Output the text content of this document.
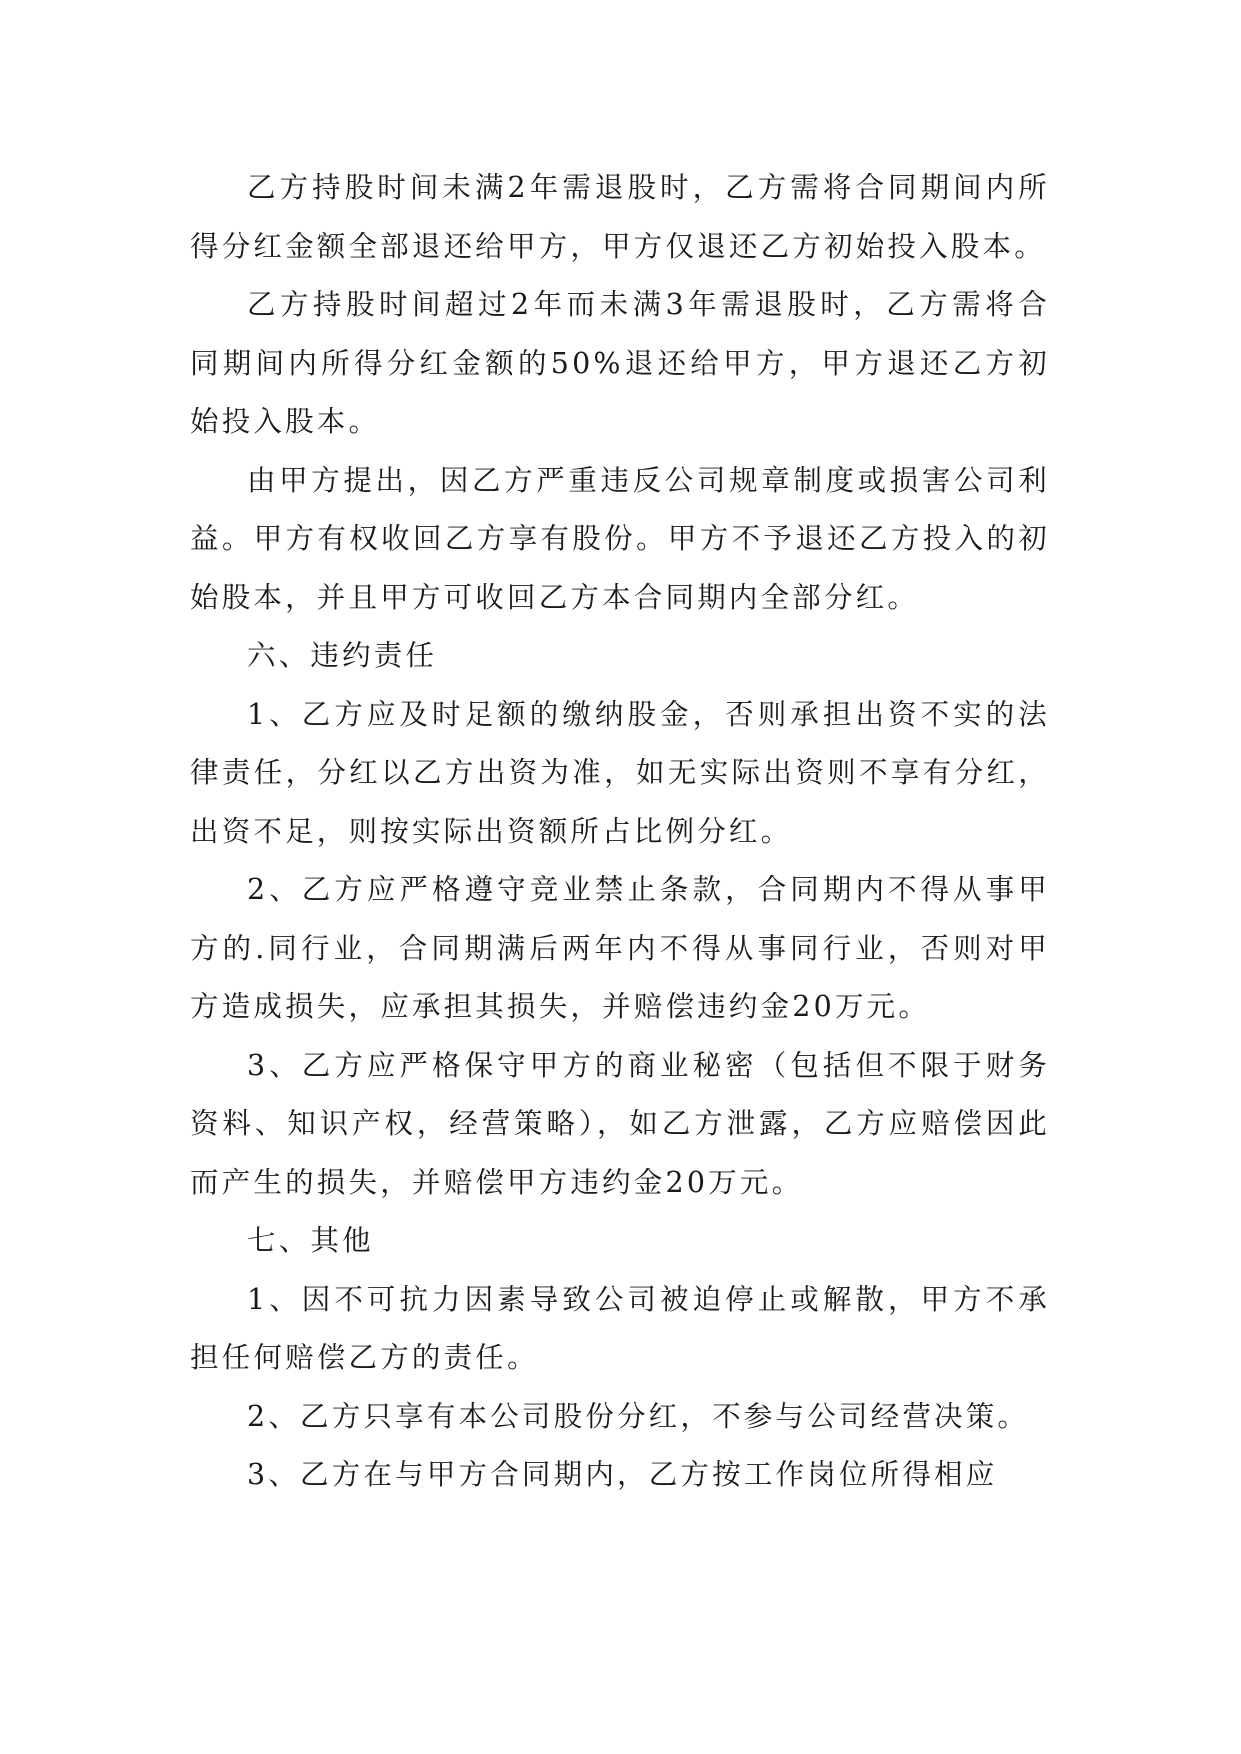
乙方持股时间未满2年需退股时，乙方需将合同期间内所得分红金额全部退还给甲方，甲方仅退还乙方初始投入股本。

乙方持股时间超过2年而未满3年需退股时，乙方需将合同期间内所得分红金额的50%退还给甲方，甲方退还乙方初始投入股本。

由甲方提出，因乙方严重违反公司规章制度或损害公司利益。甲方有权收回乙方享有股份。甲方不予退还乙方投入的初始股本，并且甲方可收回乙方本合同期内全部分红。

六、违约责任

1、乙方应及时足额的缴纳股金，否则承担出资不实的法律责任，分红以乙方出资为准，如无实际出资则不享有分红，出资不足，则按实际出资额所占比例分红。

2、乙方应严格遵守竞业禁止条款，合同期内不得从事甲方的.同行业，合同期满后两年内不得从事同行业，否则对甲方造成损失，应承担其损失，并赔偿违约金20万元。

3、乙方应严格保守甲方的商业秘密（包括但不限于财务资料、知识产权，经营策略），如乙方泄露，乙方应赔偿因此而产生的损失，并赔偿甲方违约金20万元。

七、其他

1、因不可抗力因素导致公司被迫停止或解散，甲方不承担任何赔偿乙方的责任。

2、乙方只享有本公司股份分红，不参与公司经营决策。

3、乙方在与甲方合同期内，乙方按工作岗位所得相应
